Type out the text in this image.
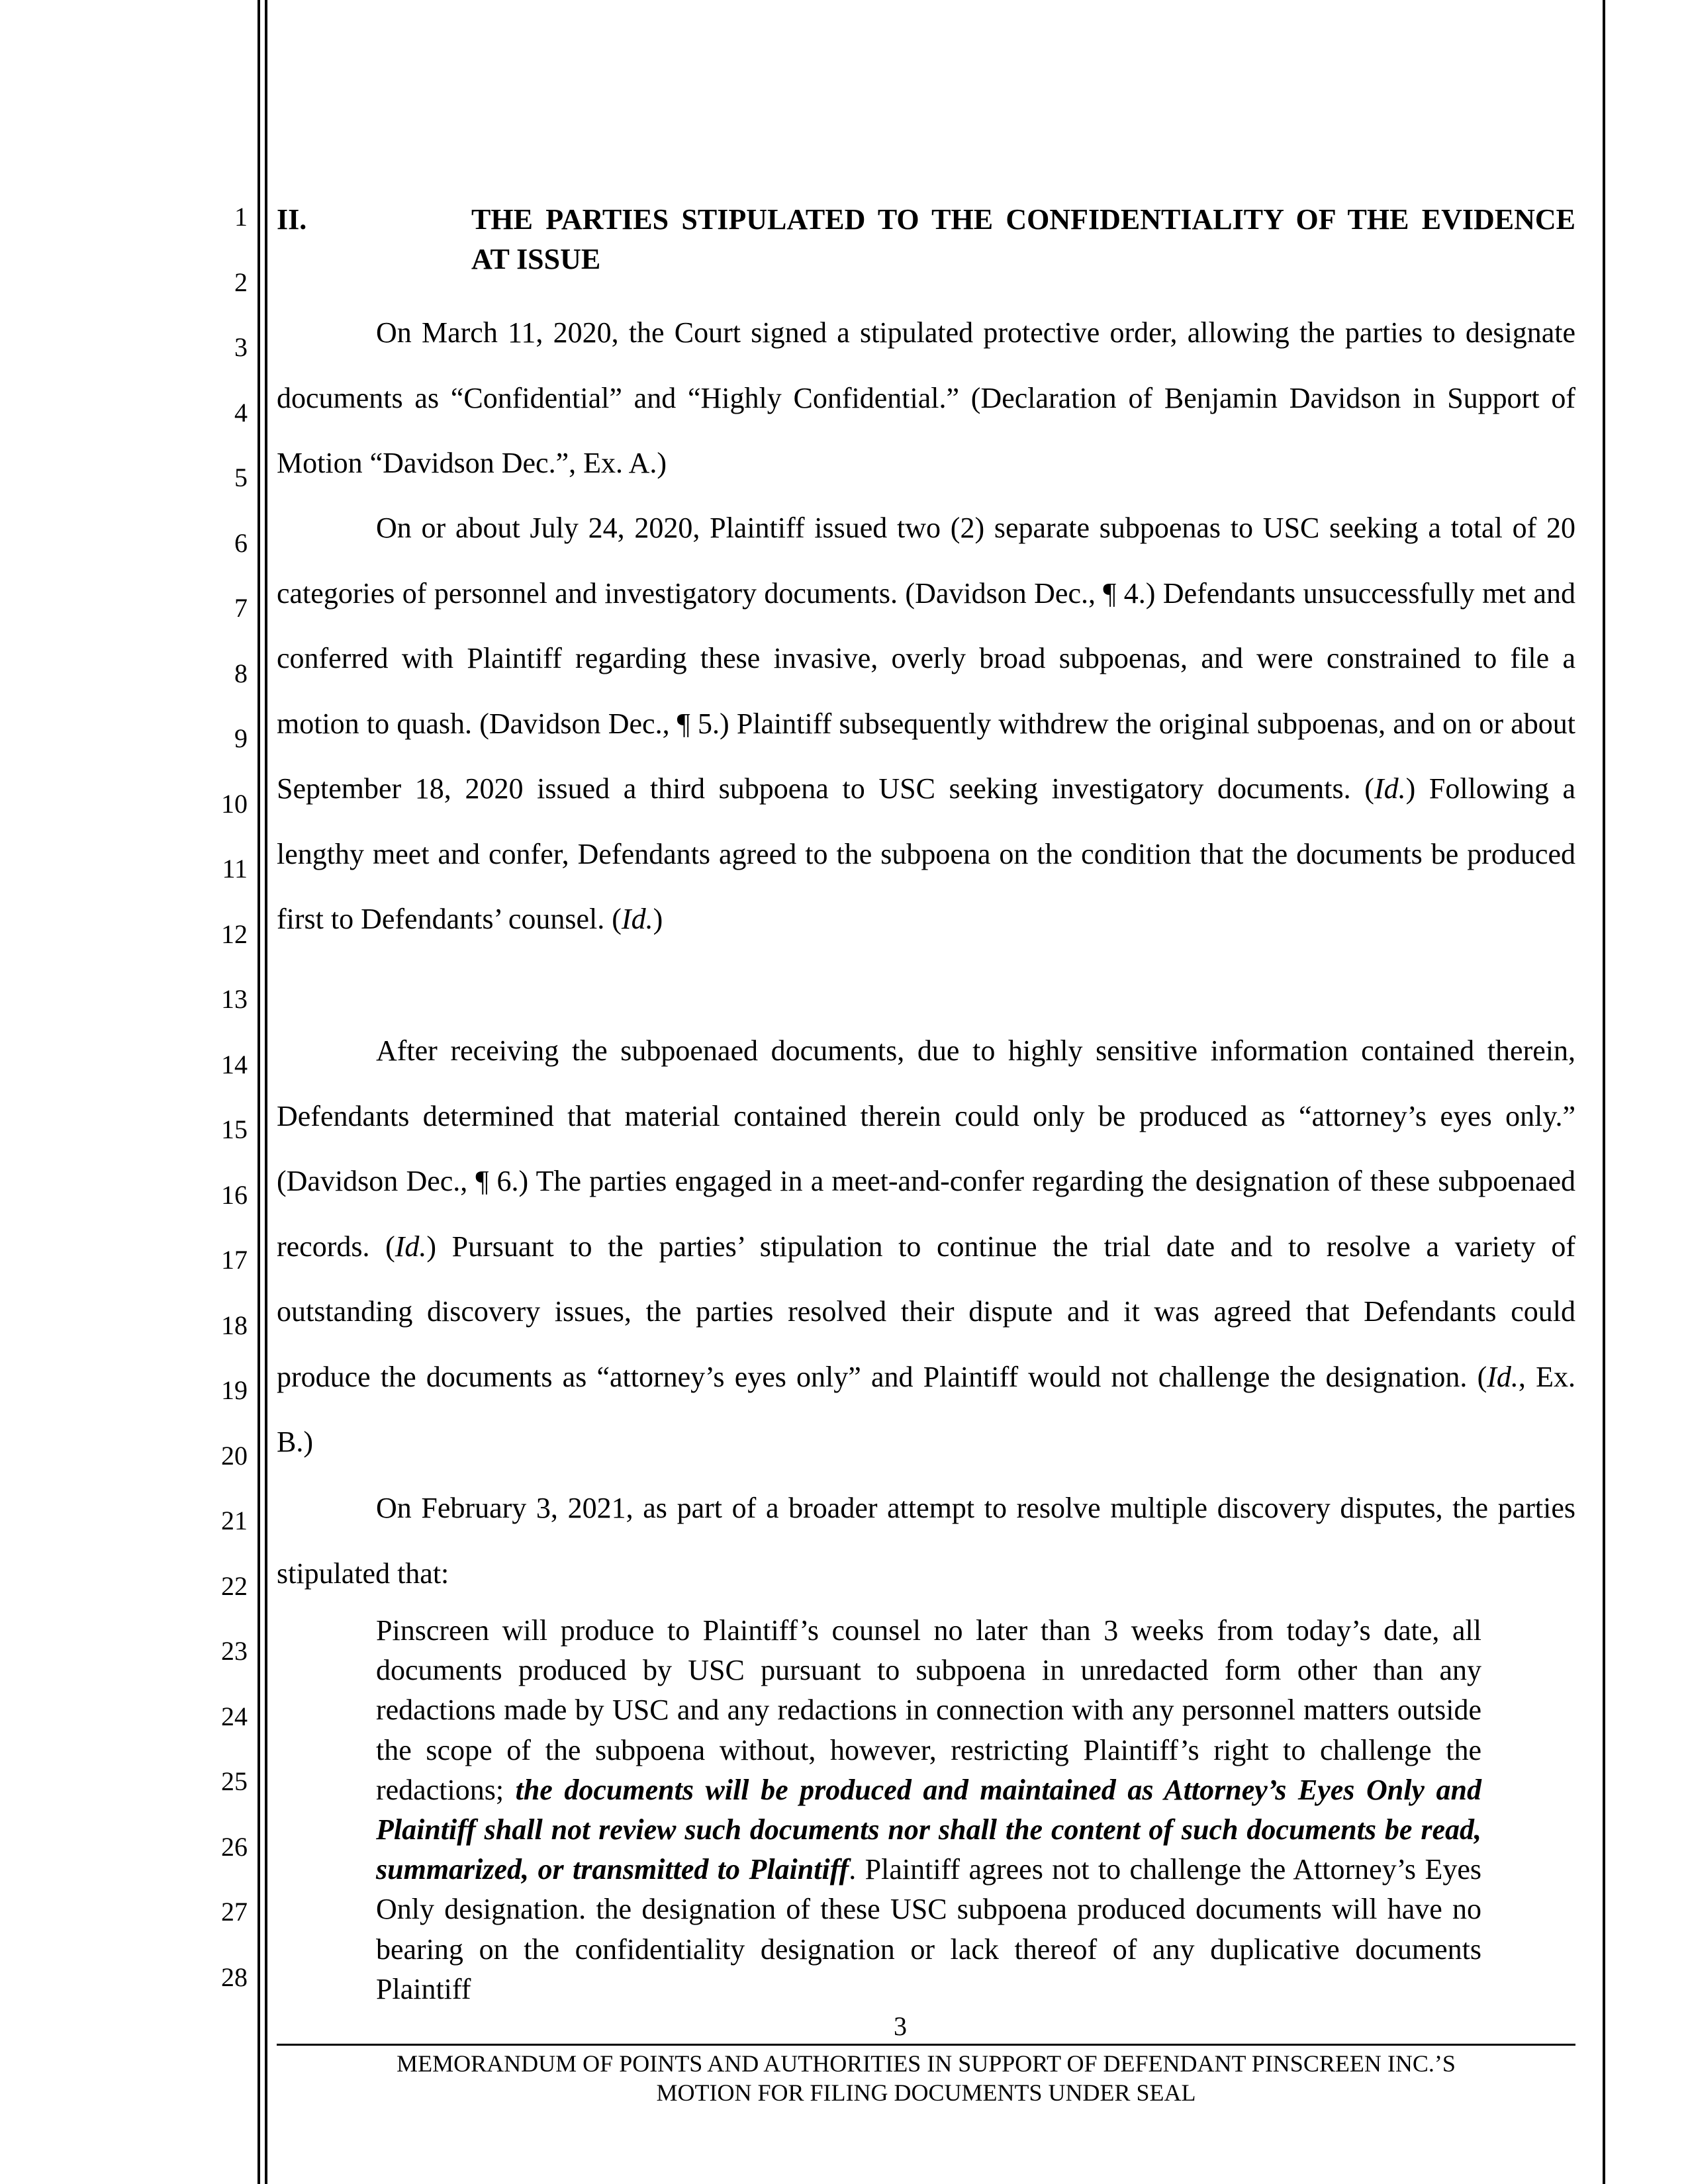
1
2
3
4
5
6
7
8
9
10
11
12
13
14
15
16
17
18
19
20
21
22
23
24
25
26
27
28
II.	THE PARTIES STIPULATED TO THE CONFIDENTIALITY OF THE EVIDENCE AT ISSUE

On March 11, 2020, the Court signed a stipulated protective order, allowing the parties to designate documents as “Confidential” and “Highly Confidential.” (Declaration of Benjamin Davidson in Support of Motion “Davidson Dec.”, Ex. A.)

On or about July 24, 2020, Plaintiff issued two (2) separate subpoenas to USC seeking a total of 20 categories of personnel and investigatory documents. (Davidson Dec., ¶ 4.) Defendants unsuccessfully met and conferred with Plaintiff regarding these invasive, overly broad subpoenas, and were constrained to file a motion to quash. (Davidson Dec., ¶ 5.) Plaintiff subsequently withdrew the original subpoenas, and on or about September 18, 2020 issued a third subpoena to USC seeking investigatory documents. (Id.) Following a lengthy meet and confer, Defendants agreed to the subpoena on the condition that the documents be produced first to Defendants’ counsel. (Id.)

After receiving the subpoenaed documents, due to highly sensitive information contained therein, Defendants determined that material contained therein could only be produced as “attorney’s eyes only.” (Davidson Dec., ¶ 6.) The parties engaged in a meet-and-confer regarding the designation of these subpoenaed records. (Id.) Pursuant to the parties’ stipulation to continue the trial date and to resolve a variety of outstanding discovery issues, the parties resolved their dispute and it was agreed that Defendants could produce the documents as “attorney’s eyes only” and Plaintiff would not challenge the designation. (Id., Ex. B.)

On February 3, 2021, as part of a broader attempt to resolve multiple discovery disputes, the parties stipulated that:

Pinscreen will produce to Plaintiff’s counsel no later than 3 weeks from today’s date, all documents produced by USC pursuant to subpoena in unredacted form other than any redactions made by USC and any redactions in connection with any personnel matters outside the scope of the subpoena without, however, restricting Plaintiff’s right to challenge the redactions; the documents will be produced and maintained as Attorney’s Eyes Only and Plaintiff shall not review such documents nor shall the content of such documents be read, summarized, or transmitted to Plaintiff. Plaintiff agrees not to challenge the Attorney’s Eyes Only designation. the designation of these USC subpoena produced documents will have no bearing on the confidentiality designation or lack thereof of any duplicative documents Plaintiff

3
MEMORANDUM OF POINTS AND AUTHORITIES IN SUPPORT OF DEFENDANT PINSCREEN INC.’S
MOTION FOR FILING DOCUMENTS UNDER SEAL
